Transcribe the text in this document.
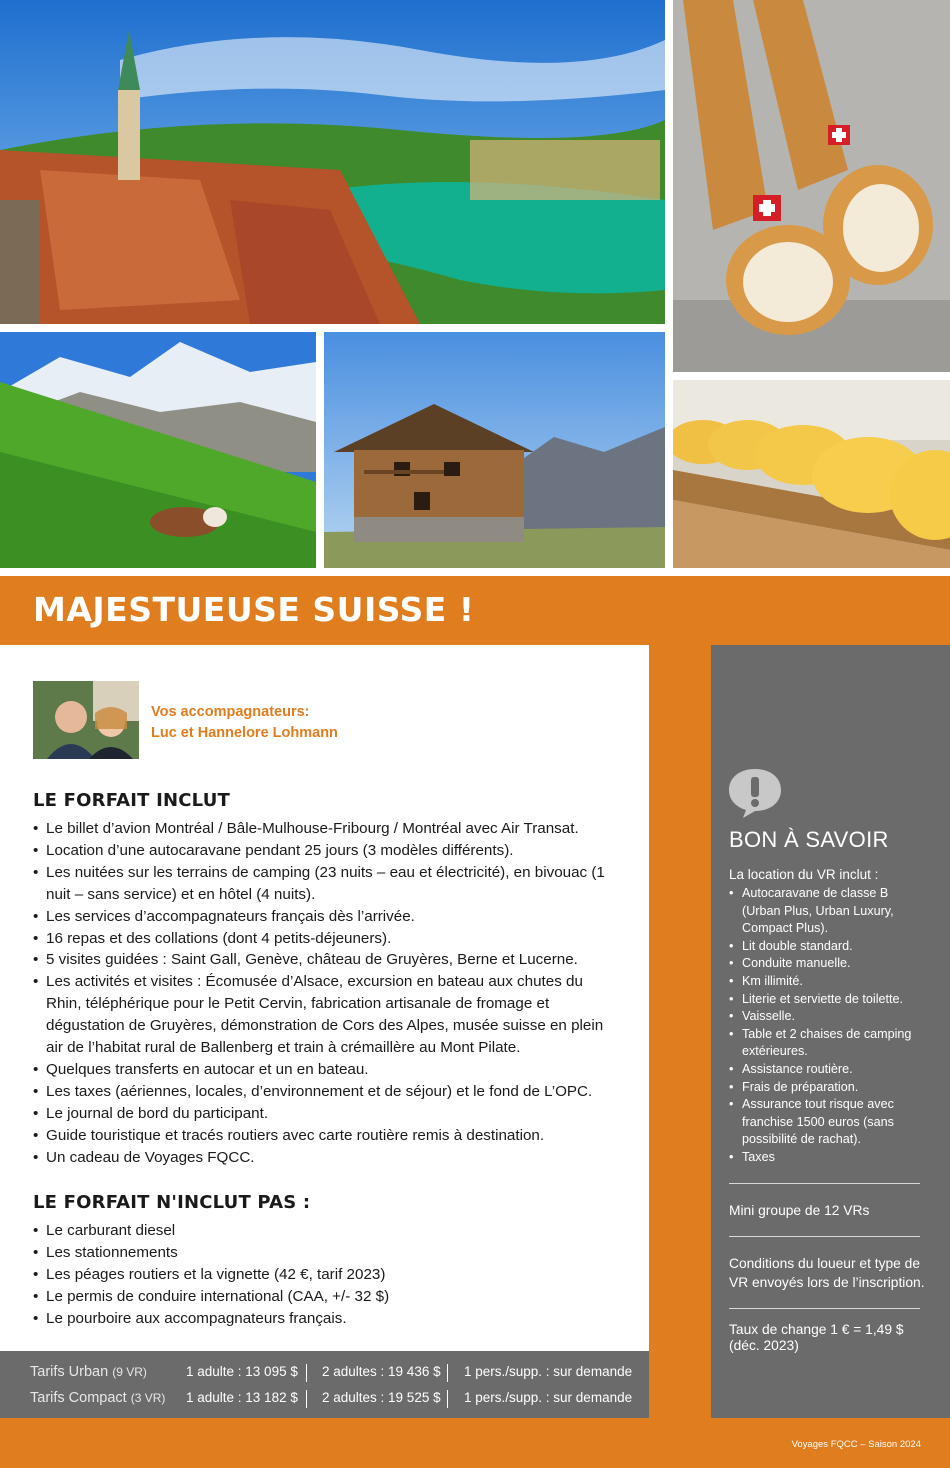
MAJESTUEUSE SUISSE !
Vos accompagnateurs:
Luc et Hannelore Lohmann
LE FORFAIT INCLUT
• Le billet d’avion Montréal / Bâle-Mulhouse-Fribourg / Montréal avec Air Transat.
• Location d’une autocaravane pendant 25 jours (3 modèles différents).
• Les nuitées sur les terrains de camping (23 nuits – eau et électricité), en bivouac (1 nuit – sans service) et en hôtel (4 nuits).
• Les services d’accompagnateurs français dès l’arrivée.
• 16 repas et des collations (dont 4 petits-déjeuners).
• 5 visites guidées : Saint Gall, Genève, château de Gruyères, Berne et Lucerne.
• Les activités et visites : Écomusée d’Alsace, excursion en bateau aux chutes du Rhin, téléphérique pour le Petit Cervin, fabrication artisanale de fromage et dégustation de Gruyères, démonstration de Cors des Alpes, musée suisse en plein air de l’habitat rural de Ballenberg et train à crémaillère au Mont Pilate.
• Quelques transferts en autocar et un en bateau.
• Les taxes (aériennes, locales, d’environnement et de séjour) et le fond de L’OPC.
• Le journal de bord du participant.
• Guide touristique et tracés routiers avec carte routière remis à destination.
• Un cadeau de Voyages FQCC.
LE FORFAIT N'INCLUT PAS :
• Le carburant diesel
• Les stationnements
• Les péages routiers et la vignette (42 €, tarif 2023)
• Le permis de conduire international (CAA, +/- 32 $)
• Le pourboire aux accompagnateurs français.
Tarifs Urban (9 VR)	1 adulte : 13 095 $ 2 adultes : 19 436 $ 1 pers./supp. : sur demande
Tarifs Compact (3 VR) 1 adulte : 13 182 $ 2 adultes : 19 525 $ 1 pers./supp. : sur demande
BON À SAVOIR
La location du VR inclut :
• Autocaravane de classe B (Urban Plus, Urban Luxury, Compact Plus).
• Lit double standard.
• Conduite manuelle.
• Km illimité.
• Literie et serviette de toilette.
• Vaisselle.
• Table et 2 chaises de camping extérieures.
• Assistance routière.
• Frais de préparation.
• Assurance tout risque avec franchise 1500 euros (sans possibilité de rachat).
• Taxes
Mini groupe de 12 VRs
Conditions du loueur et type de VR envoyés lors de l’inscription.
Taux de change 1 € = 1,49 $ (déc. 2023)
Voyages FQCC – Saison 2024
